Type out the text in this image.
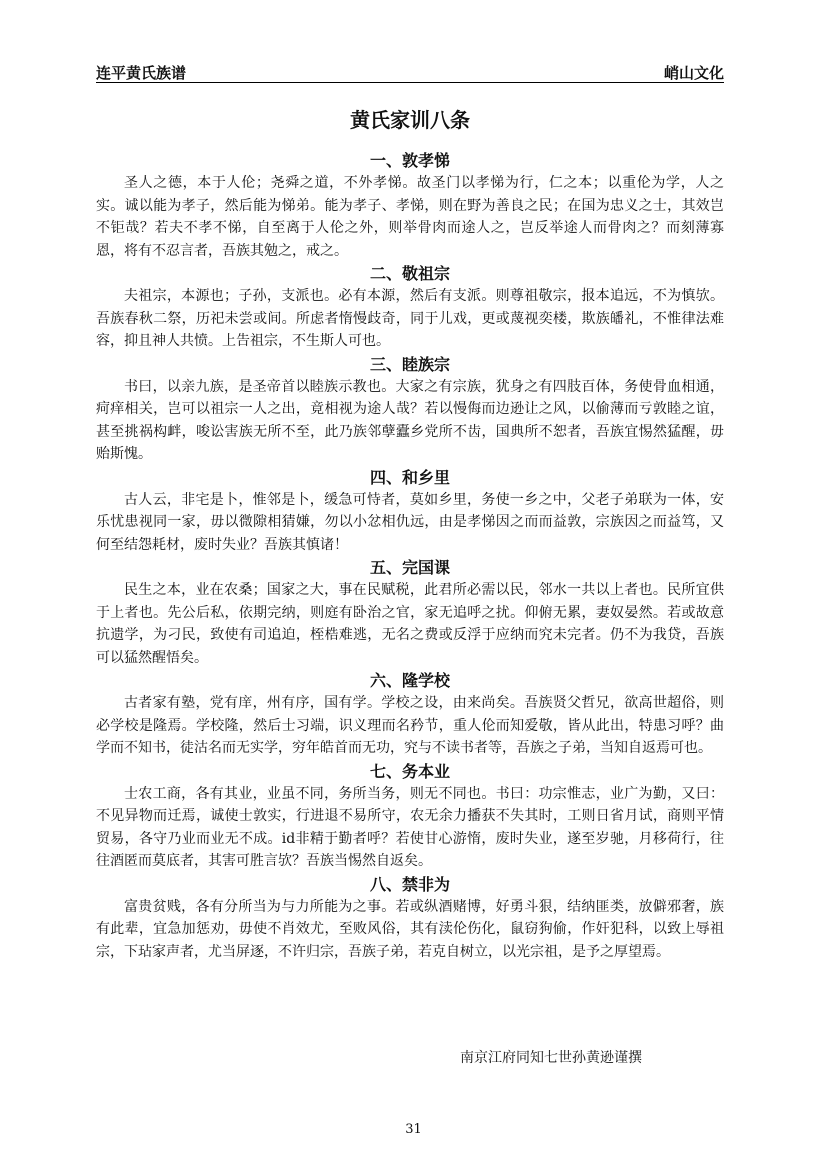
连平黄氏族谱	峭山文化
黄氏家训八条

一、敦孝悌

圣人之德，本于人伦；尧舜之道，不外孝悌。故圣门以孝悌为行，仁之本；以重伦为学，人之实。诚以能为孝子，然后能为悌弟。能为孝子、孝悌，则在野为善良之民；在国为忠义之士，其效岂不钜哉？若夫不孝不悌，自至离于人伦之外，则举骨肉而途人之，岂反举途人而骨肉之？而刻薄寡恩，将有不忍言者，吾族其勉之，戒之。

二、敬祖宗

夫祖宗，本源也；子孙，支派也。必有本源，然后有支派。则尊祖敬宗，报本追远，不为慎欤。吾族春秋二祭，历祀未尝或间。所虑者惰慢歧奇，同于儿戏，更或蔑视奕楼，欺族皤礼，不惟律法难容，抑且神人共愤。上告祖宗，不生斯人可也。

三、睦族宗

书曰，以亲九族，是圣帝首以睦族示教也。大家之有宗族，犹身之有四肢百体，务使骨血相通，疴痒相关，岂可以祖宗一人之出，竟相视为途人哉？若以慢侮而边逊让之风，以偷薄而亏敦睦之谊，甚至挑祸构衅，唆讼害族无所不至，此乃族邻孽蠹乡党所不齿，国典所不恕者，吾族宜惕然猛醒，毋贻斯愧。

四、和乡里

古人云，非宅是卜，惟邻是卜，缓急可恃者，莫如乡里，务使一乡之中，父老子弟联为一体，安乐忧患视同一家，毋以微隙相猜嫌，勿以小忿相仇远，由是孝悌因之而而益敦，宗族因之而益笃，又何至结怨耗材，废时失业？吾族其慎诸！

五、完国课

民生之本，业在农桑；国家之大，事在民赋税，此君所必需以民，邻水一共以上者也。民所宜供于上者也。先公后私，依期完纳，则庭有卧治之官，家无追呼之扰。仰俯无累，妻奴晏然。若或故意抗遗学，为刁民，致使有司追迫，桎梏难逃，无名之费或反浮于应纳而究未完者。仍不为我贷，吾族可以猛然醒悟矣。

六、隆学校

古者家有塾，党有庠，州有序，国有学。学校之设，由来尚矣。吾族贤父哲兄，欲高世超俗，则必学校是隆焉。学校隆，然后士习端，识义理而名矜节，重人伦而知爱敬，皆从此出，特患习呼？曲学而不知书，徒沽名而无实学，穷年皓首而无功，究与不读书者等，吾族之子弟，当知自返焉可也。

七、务本业

士农工商，各有其业，业虽不同，务所当务，则无不同也。书曰：功宗惟志，业广为勤，又曰：不见异物而迁焉，诚使士敦实，行进退不易所守，农无余力播获不失其时，工则日省月试，商则平情贸易，各守乃业而业无不成。id非精于勤者呼？若使甘心游惰，废时失业，遂至岁驰，月移荷行，往往酒匿而莫底者，其害可胜言欤？吾族当惕然自返矣。

八、禁非为

富贵贫贱，各有分所当为与力所能为之事。若或纵酒赌博，好勇斗狠，结纳匪类，放僻邪奢，族有此辈，宜急加惩劝，毋使不肖效尤，至败风俗，其有渎伦伤化，鼠窃狗偷，作奸犯科，以致上辱祖宗，下玷家声者，尤当屏逐，不许归宗，吾族子弟，若克自树立，以光宗祖，是予之厚望焉。

南京江府同知七世孙黄逊谨撰
31
